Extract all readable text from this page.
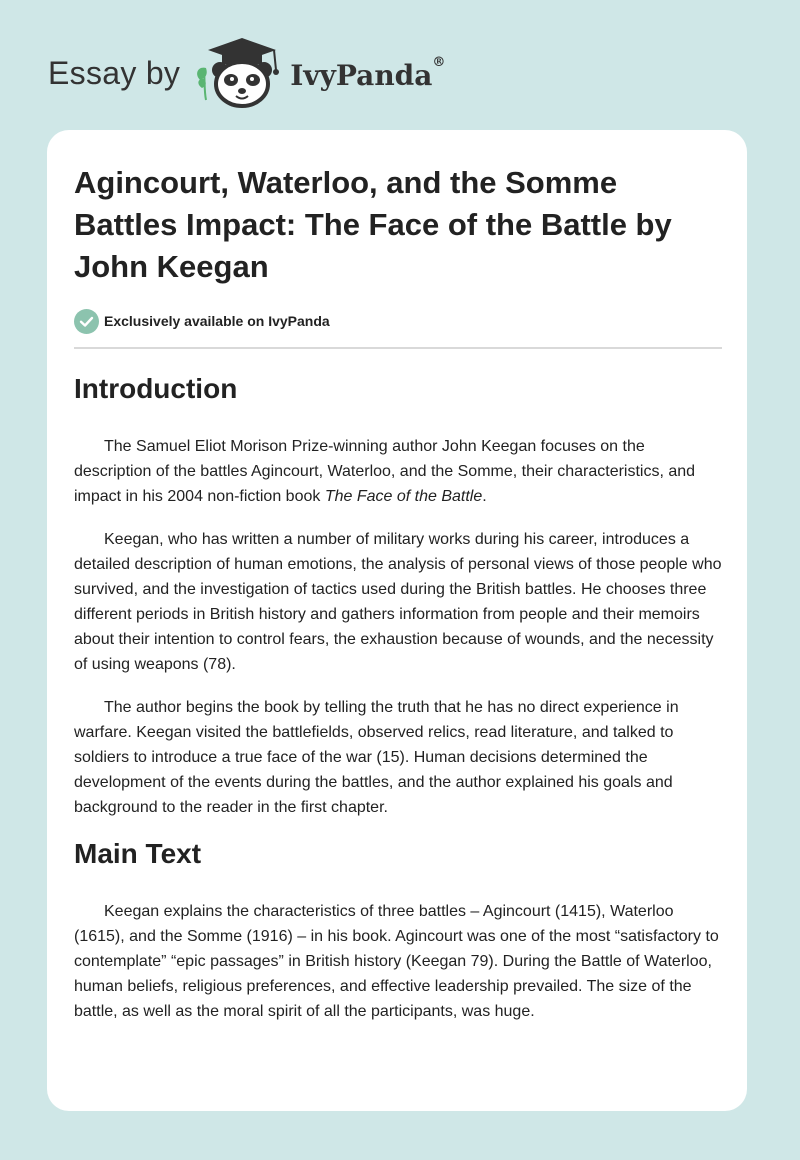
Essay by	IvyPanda®
Agincourt, Waterloo, and the Somme Battles Impact: The Face of the Battle by John Keegan
Exclusively available on IvyPanda
Introduction

The Samuel Eliot Morison Prize-winning author John Keegan focuses on the description of the battles Agincourt, Waterloo, and the Somme, their characteristics, and impact in his 2004 non-fiction book The Face of the Battle.

Keegan, who has written a number of military works during his career, introduces a detailed description of human emotions, the analysis of personal views of those people who survived, and the investigation of tactics used during the British battles. He chooses three different periods in British history and gathers information from people and their memoirs about their intention to control fears, the exhaustion because of wounds, and the necessity of using weapons (78).

The author begins the book by telling the truth that he has no direct experience in warfare. Keegan visited the battlefields, observed relics, read literature, and talked to soldiers to introduce a true face of the war (15). Human decisions determined the development of the events during the battles, and the author explained his goals and background to the reader in the first chapter.

Main Text

Keegan explains the characteristics of three battles – Agincourt (1415), Waterloo (1615), and the Somme (1916) – in his book. Agincourt was one of the most “satisfactory to contemplate” “epic passages” in British history (Keegan 79). During the Battle of Waterloo, human beliefs, religious preferences, and effective leadership prevailed. The size of the battle, as well as the moral spirit of all the participants, was huge.
